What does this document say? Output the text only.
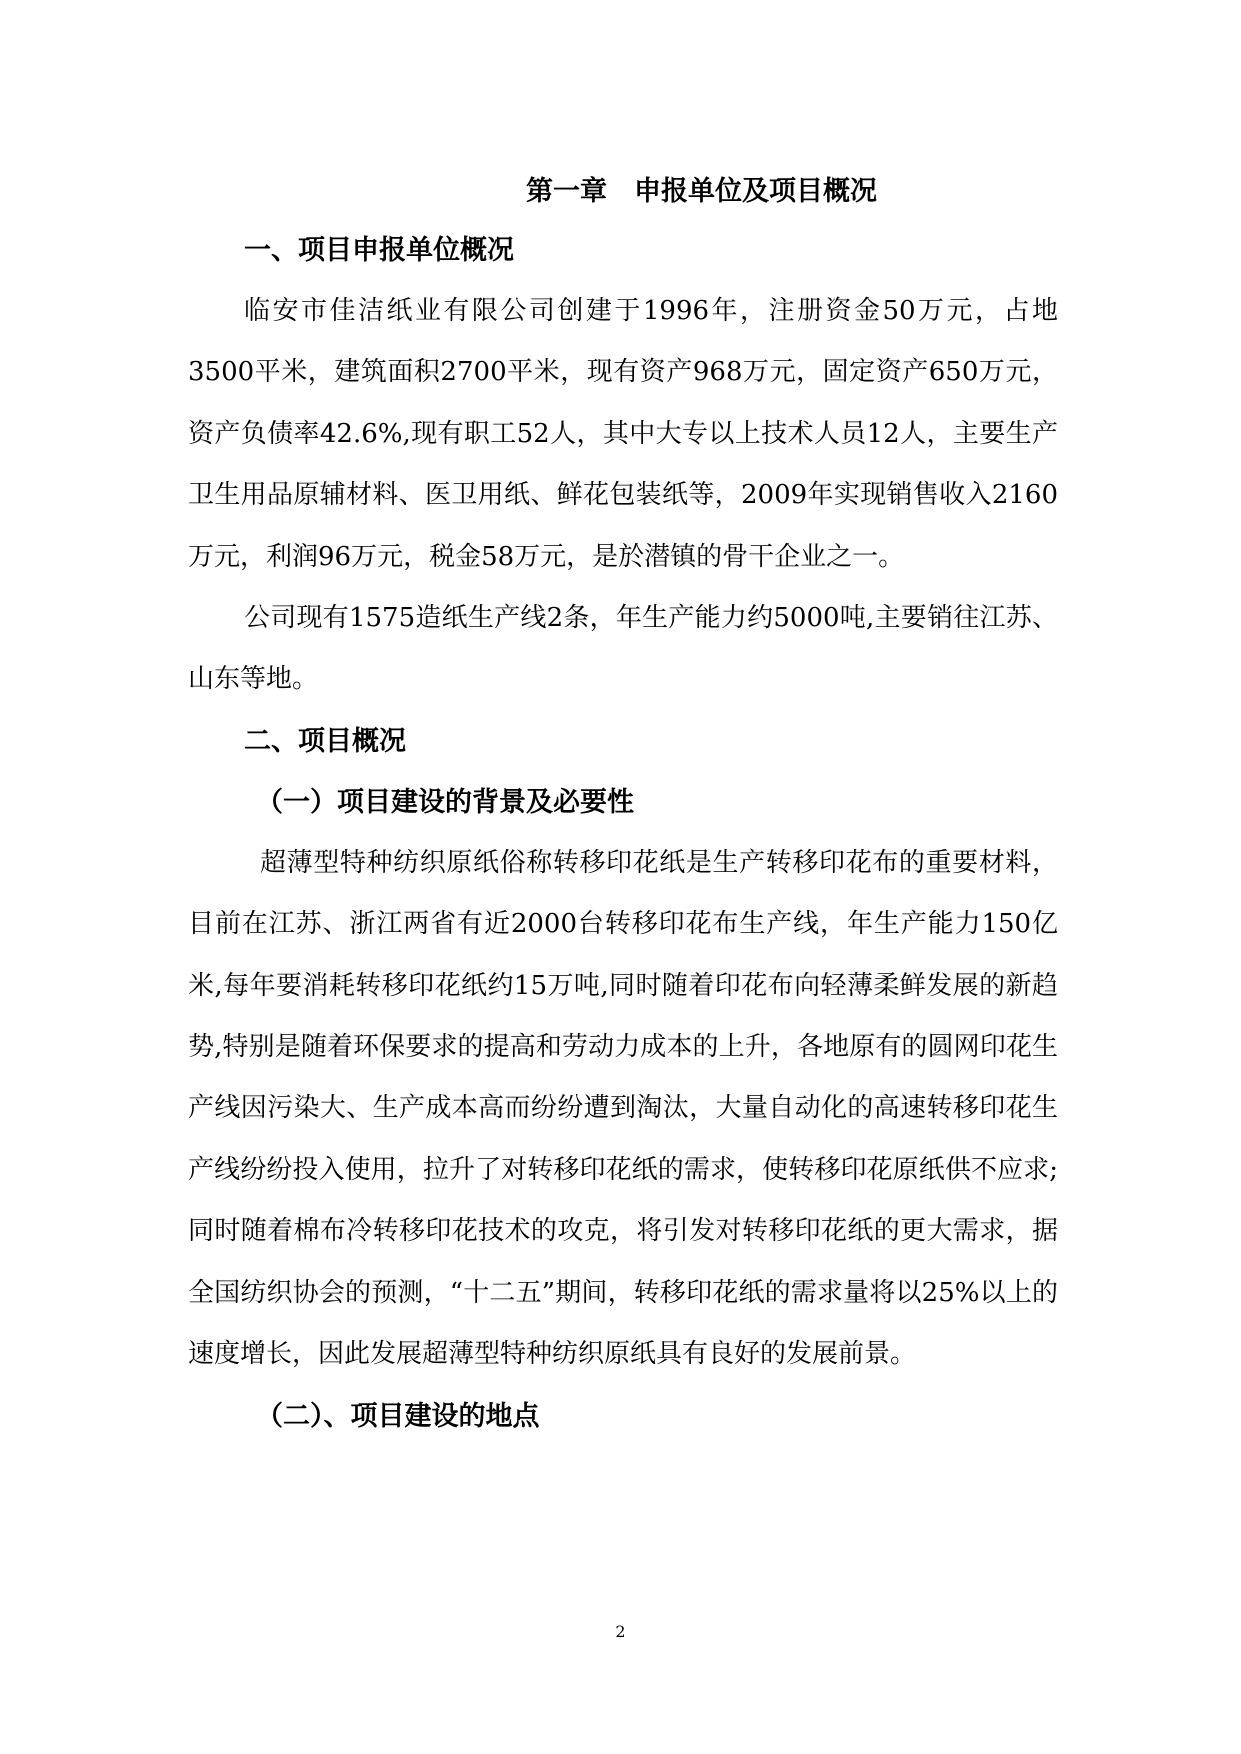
第一章　申报单位及项目概况
一、项目申报单位概况

临安市佳洁纸业有限公司创建于1996年，注册资金50万元，占地3500平米，建筑面积2700平米，现有资产968万元，固定资产650万元，资产负债率42.6%,现有职工52人，其中大专以上技术人员12人，主要生产卫生用品原辅材料、医卫用纸、鲜花包装纸等，2009年实现销售收入2160万元，利润96万元，税金58万元，是於潜镇的骨干企业之一。

公司现有1575造纸生产线2条，年生产能力约5000吨,主要销往江苏、山东等地。

二、项目概况
（一）项目建设的背景及必要性

超薄型特种纺织原纸俗称转移印花纸是生产转移印花布的重要材料，目前在江苏、浙江两省有近2000台转移印花布生产线，年生产能力150亿米,每年要消耗转移印花纸约15万吨,同时随着印花布向轻薄柔鲜发展的新趋势,特别是随着环保要求的提高和劳动力成本的上升，各地原有的圆网印花生产线因污染大、生产成本高而纷纷遭到淘汰，大量自动化的高速转移印花生产线纷纷投入使用，拉升了对转移印花纸的需求，使转移印花原纸供不应求;同时随着棉布冷转移印花技术的攻克，将引发对转移印花纸的更大需求，据全国纺织协会的预测，“十二五”期间，转移印花纸的需求量将以25%以上的速度增长，因此发展超薄型特种纺织原纸具有良好的发展前景。

（二）、项目建设的地点
2
